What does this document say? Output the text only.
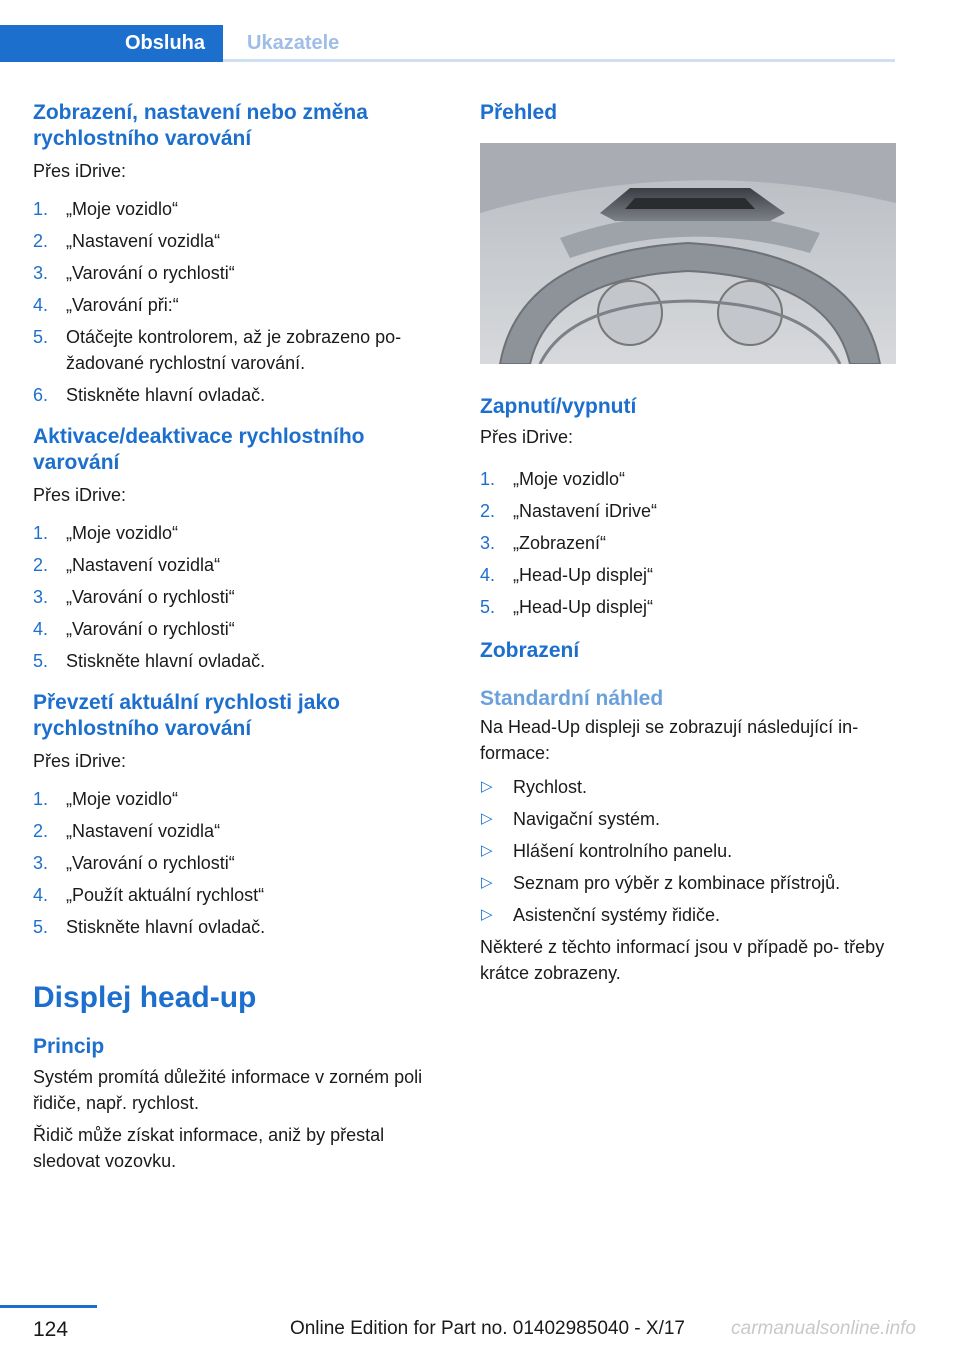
Obsluha	Ukazatele
Zobrazení, nastavení nebo změna rychlostního varování

Přes iDrive:

1. „Moje vozidlo“
2. „Nastavení vozidla“
3. „Varování o rychlosti“
4. „Varování při:“
5. Otáčejte kontrolorem, až je zobrazeno po- žadované rychlostní varování.
6. Stiskněte hlavní ovladač.
Aktivace/deaktivace rychlostního varování

Přes iDrive:

1. „Moje vozidlo“
2. „Nastavení vozidla“
3. „Varování o rychlosti“
4. „Varování o rychlosti“
5. Stiskněte hlavní ovladač.
Převzetí aktuální rychlosti jako rychlostního varování

Přes iDrive:

1. „Moje vozidlo“
2. „Nastavení vozidla“
3. „Varování o rychlosti“
4. „Použít aktuální rychlost“
5. Stiskněte hlavní ovladač.
Displej head-up
Princip

Systém promítá důležité informace v zorném poli řidiče, např. rychlost.

Řidič může získat informace, aniž by přestal sledovat vozovku.

Přehled
Zapnutí/vypnutí

Přes iDrive:

1. „Moje vozidlo“
2. „Nastavení iDrive“
3. „Zobrazení“
4. „Head-Up displej“
5. „Head-Up displej“
Zobrazení
Standardní náhled

Na Head-Up displeji se zobrazují následující in- formace:

▷ Rychlost.
▷ Navigační systém.
▷ Hlášení kontrolního panelu.
▷ Seznam pro výběr z kombinace přístrojů.
▷ Asistenční systémy řidiče.

Některé z těchto informací jsou v případě po- třeby krátce zobrazeny.

124	Online Edition for Part no. 01402985040 - X/17 carmanualsonline.info
